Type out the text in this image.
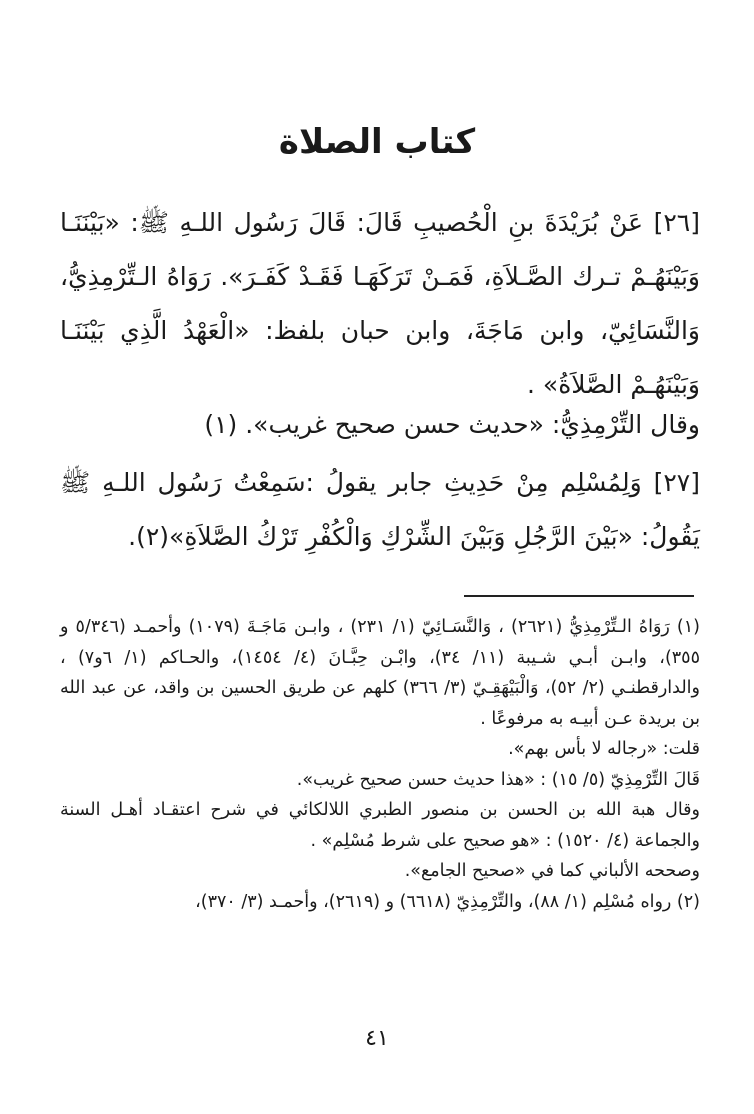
كتاب الصلاة

[٢٦] عَنْ بُرَيْدَةَ بنِ الْحُصيبِ قَالَ: قَالَ رَسُول اللـهِ ﷺ: «بَيْنَنَـا وَبَيْنَهُـمْ تـرك الصَّـلاَةِ، فَمَـنْ تَرَكَهَـا فَقَـدْ كَفَـرَ». رَوَاهُ الـتِّرْمِذِيُّ، وَالنَّسَائِيّ، وابن مَاجَةَ، وابن حبان بلفظ: «الْعَهْدُ الَّذِي بَيْنَنَـا وَبَيْنَهُـمْ الصَّلاَةُ» .

وقال التِّرْمِذِيُّ: «حديث حسن صحيح غريب». (١)

[٢٧] وَلِمُسْلِم مِنْ حَدِيثِ جابر يقولُ :سَمِعْتُ رَسُول اللـهِ ﷺ يَقُولُ: «بَيْنَ الرَّجُلِ وَبَيْنَ الشِّرْكِ وَالْكُفْرِ تَرْكُ الصَّلاَةِ»(٢).

(١) رَوَاهُ الـتِّرْمِذِيُّ (٢٦٢١) ، وَالنَّسَـائِيّ (١/ ٢٣١) ، وابـن مَاجَـةَ (١٠٧٩) وأحمـد (٥/٣٤٦ و ٣٥٥)، وابـن أبـي شـيبة (١١/ ٣٤)، وابْـن حِبَّـانَ (٤/ ١٤٥٤)، والحـاكم (١/ ٦و٧) ، والدارقطنـي (٢/ ٥٢)، وَالْبَيْهَقِـيّ (٣/ ٣٦٦) كلهم عن طريق الحسين بن واقد، عن عبد الله بن بريدة عـن أبيـه به مرفوعًا .

قلت: «رجاله لا بأس بهم».

قَالَ التِّرْمِذِيّ (٥/ ١٥) : «هذا حديث حسن صحيح غريب».

وقال هبة الله بن الحسن بن منصور الطبري اللالكائي في شرح اعتقـاد أهـل السنة والجماعة (٤/ ١٥٢٠) : «هو صحيح على شرط مُسْلِم» .

وصححه الألباني كما في «صحيح الجامع».

(٢) رواه مُسْلِم (١/ ٨٨)، والتِّرْمِذِيّ (٦٦١٨) و (٢٦١٩)، وأحمـد (٣/ ٣٧٠)،

٤١
